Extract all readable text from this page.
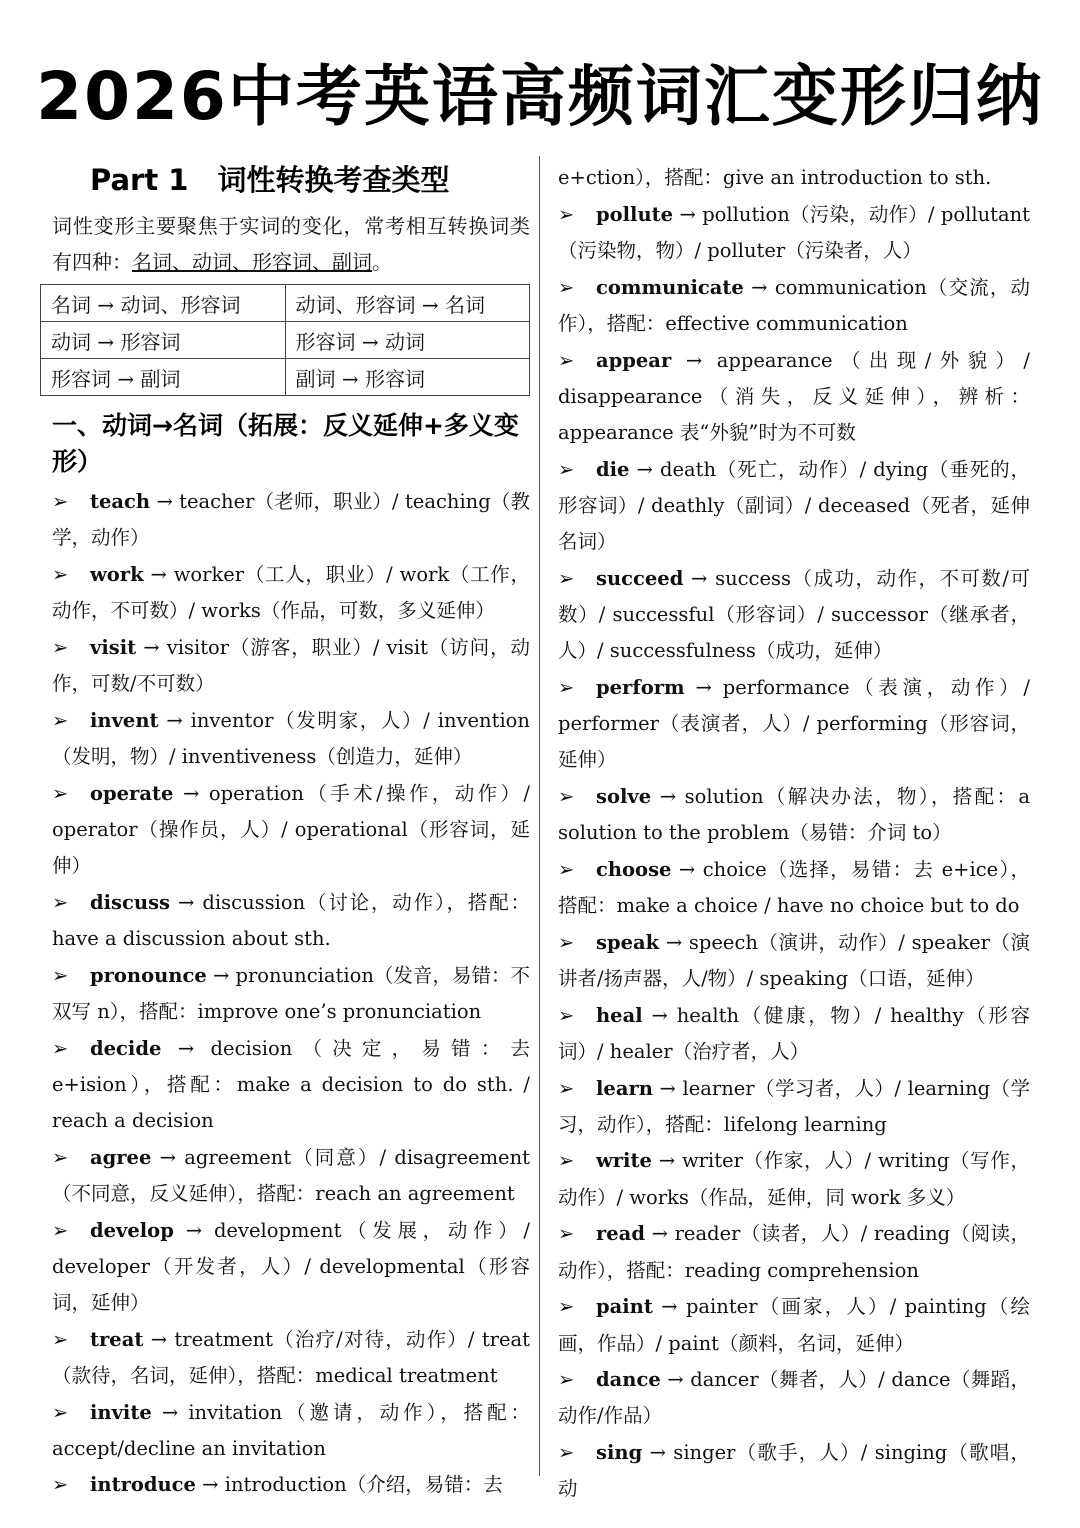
2026中考英语高频词汇变形归纳
Part 1　词性转换考查类型

词性变形主要聚焦于实词的变化，常考相互转换词类有四种：名词、动词、形容词、副词。

名词 → 动词、形容词	动词、形容词 → 名词
动词 → 形容词	形容词 → 动词
形容词 → 副词	副词 → 形容词
一、动词→名词（拓展：反义延伸+多义变形）

➢ teach → teacher（老师，职业）/ teaching（教学，动作）

➢ work → worker（工人，职业）/ work（工作，动作，不可数）/ works（作品，可数，多义延伸）

➢ visit → visitor（游客，职业）/ visit（访问，动作，可数/不可数）

➢ invent → inventor（发明家，人）/ invention（发明，物）/ inventiveness（创造力，延伸）

➢ operate → operation（手术/操作，动作）/ operator（操作员，人）/ operational（形容词，延伸）

➢ discuss → discussion（讨论，动作），搭配：have a discussion about sth.

➢ pronounce → pronunciation（发音，易错：不双写 n），搭配：improve one’s pronunciation

➢ decide → decision（决定，易错：去 e+ision），搭配：make a decision to do sth. / reach a decision

➢ agree → agreement（同意）/ disagreement（不同意，反义延伸），搭配：reach an agreement

➢ develop → development（发展，动作）/ developer（开发者，人）/ developmental（形容词，延伸）

➢ treat → treatment（治疗/对待，动作）/ treat（款待，名词，延伸），搭配：medical treatment

➢ invite → invitation（邀请，动作），搭配：accept/decline an invitation

➢ introduce → introduction（介绍，易错：去

e+ction），搭配：give an introduction to sth.

➢ pollute → pollution（污染，动作）/ pollutant（污染物，物）/ polluter（污染者，人）

➢ communicate → communication（交流，动作），搭配：effective communication

➢ appear → appearance（出现/外貌）/ disappearance（消失，反义延伸），辨析：appearance 表“外貌”时为不可数

➢ die → death（死亡，动作）/ dying（垂死的，形容词）/ deathly（副词）/ deceased（死者，延伸名词）

➢ succeed → success（成功，动作，不可数/可数）/ successful（形容词）/ successor（继承者，人）/ successfulness（成功，延伸）

➢ perform → performance（表演，动作）/ performer（表演者，人）/ performing（形容词，延伸）

➢ solve → solution（解决办法，物），搭配：a solution to the problem（易错：介词 to）

➢ choose → choice（选择，易错：去 e+ice），搭配：make a choice / have no choice but to do

➢ speak → speech（演讲，动作）/ speaker（演讲者/扬声器，人/物）/ speaking（口语，延伸）

➢ heal → health（健康，物）/ healthy（形容词）/ healer（治疗者，人）

➢ learn → learner（学习者，人）/ learning（学习，动作），搭配：lifelong learning

➢ write → writer（作家，人）/ writing（写作，动作）/ works（作品，延伸，同 work 多义）

➢ read → reader（读者，人）/ reading（阅读，动作），搭配：reading comprehension

➢ paint → painter（画家，人）/ painting（绘画，作品）/ paint（颜料，名词，延伸）

➢ dance → dancer（舞者，人）/ dance（舞蹈，动作/作品）

➢ sing → singer（歌手，人）/ singing（歌唱，动
